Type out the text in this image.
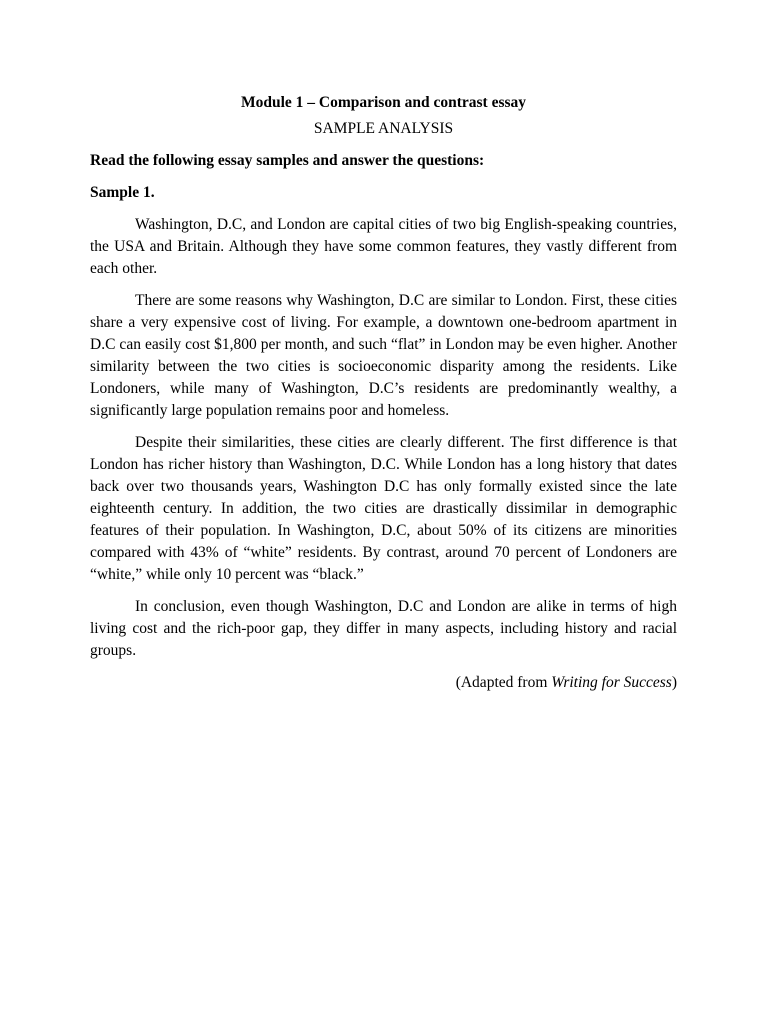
Module 1 – Comparison and contrast essay

SAMPLE ANALYSIS

Read the following essay samples and answer the questions:

Sample 1.

Washington, D.C, and London are capital cities of two big English-speaking countries, the USA and Britain. Although they have some common features, they vastly different from each other.

There are some reasons why Washington, D.C are similar to London. First, these cities share a very expensive cost of living. For example, a downtown one-bedroom apartment in D.C can easily cost $1,800 per month, and such “flat” in London may be even higher. Another similarity between the two cities is socioeconomic disparity among the residents. Like Londoners, while many of Washington, D.C’s residents are predominantly wealthy, a significantly large population remains poor and homeless.

Despite their similarities, these cities are clearly different. The first difference is that London has richer history than Washington, D.C. While London has a long history that dates back over two thousands years, Washington D.C has only formally existed since the late eighteenth century. In addition, the two cities are drastically dissimilar in demographic features of their population. In Washington, D.C, about 50% of its citizens are minorities compared with 43% of “white” residents. By contrast, around 70 percent of Londoners are “white,” while only 10 percent was “black.”

In conclusion, even though Washington, D.C and London are alike in terms of high living cost and the rich-poor gap, they differ in many aspects, including history and racial groups.

(Adapted from Writing for Success)
